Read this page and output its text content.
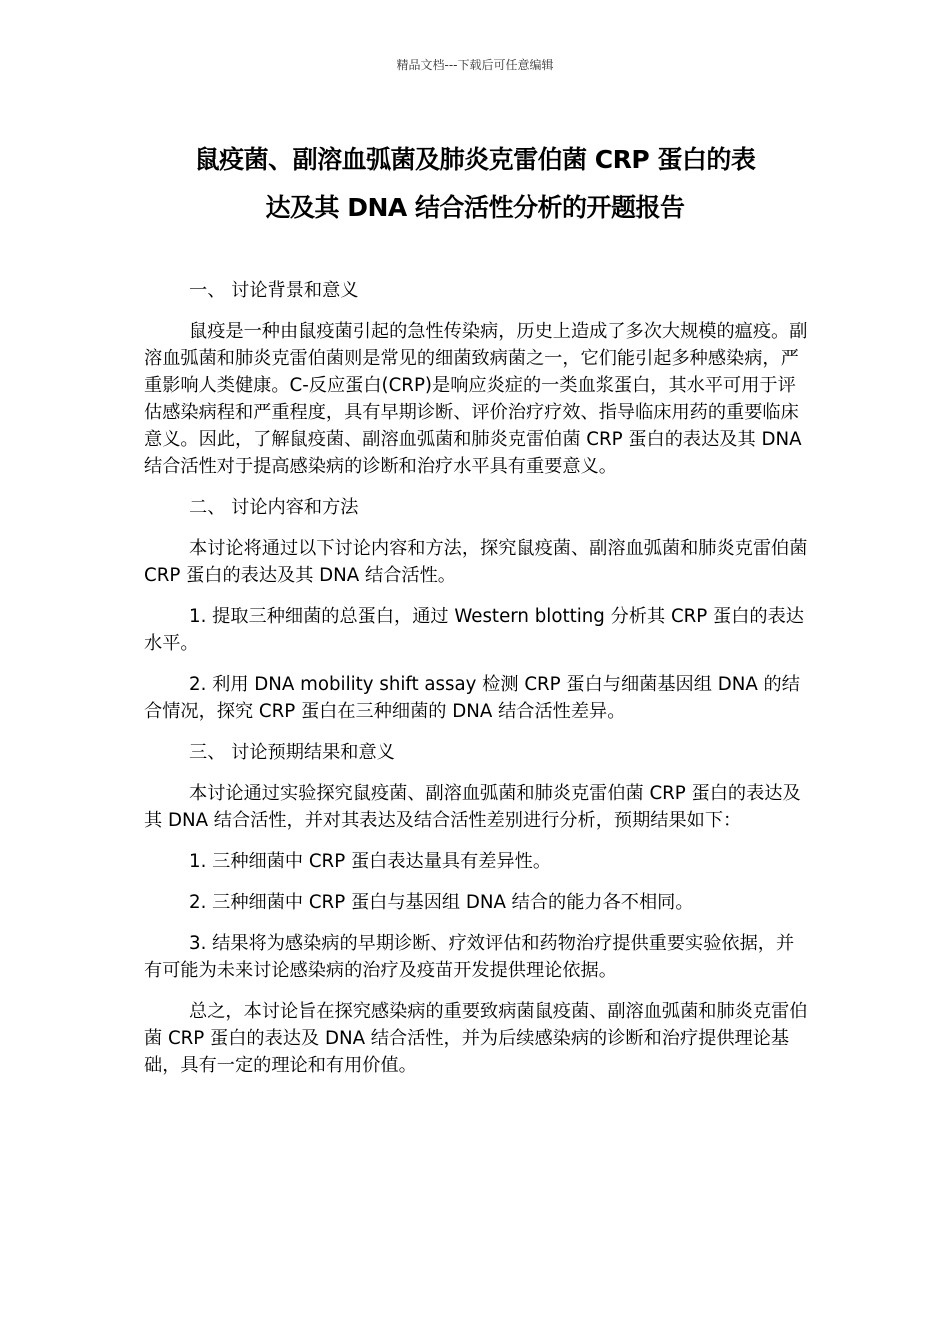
精品文档---下载后可任意编辑
鼠疫菌、副溶血弧菌及肺炎克雷伯菌 CRP 蛋白的表
达及其 DNA 结合活性分析的开题报告

一、 讨论背景和意义

鼠疫是一种由鼠疫菌引起的急性传染病，历史上造成了多次大规模的瘟疫。副溶血弧菌和肺炎克雷伯菌则是常见的细菌致病菌之一，它们能引起多种感染病，严重影响人类健康。C-反应蛋白(CRP)是响应炎症的一类血浆蛋白，其水平可用于评估感染病程和严重程度，具有早期诊断、评价治疗疗效、指导临床用药的重要临床意义。因此，了解鼠疫菌、副溶血弧菌和肺炎克雷伯菌 CRP 蛋白的表达及其 DNA 结合活性对于提高感染病的诊断和治疗水平具有重要意义。

二、 讨论内容和方法

本讨论将通过以下讨论内容和方法，探究鼠疫菌、副溶血弧菌和肺炎克雷伯菌 CRP 蛋白的表达及其 DNA 结合活性。

1. 提取三种细菌的总蛋白，通过 Western blotting 分析其 CRP 蛋白的表达水平。

2. 利用 DNA mobility shift assay 检测 CRP 蛋白与细菌基因组 DNA 的结合情况，探究 CRP 蛋白在三种细菌的 DNA 结合活性差异。

三、 讨论预期结果和意义

本讨论通过实验探究鼠疫菌、副溶血弧菌和肺炎克雷伯菌 CRP 蛋白的表达及其 DNA 结合活性，并对其表达及结合活性差别进行分析，预期结果如下：

1. 三种细菌中 CRP 蛋白表达量具有差异性。

2. 三种细菌中 CRP 蛋白与基因组 DNA 结合的能力各不相同。

3. 结果将为感染病的早期诊断、疗效评估和药物治疗提供重要实验依据，并有可能为未来讨论感染病的治疗及疫苗开发提供理论依据。

总之，本讨论旨在探究感染病的重要致病菌鼠疫菌、副溶血弧菌和肺炎克雷伯菌 CRP 蛋白的表达及 DNA 结合活性，并为后续感染病的诊断和治疗提供理论基础，具有一定的理论和有用价值。
